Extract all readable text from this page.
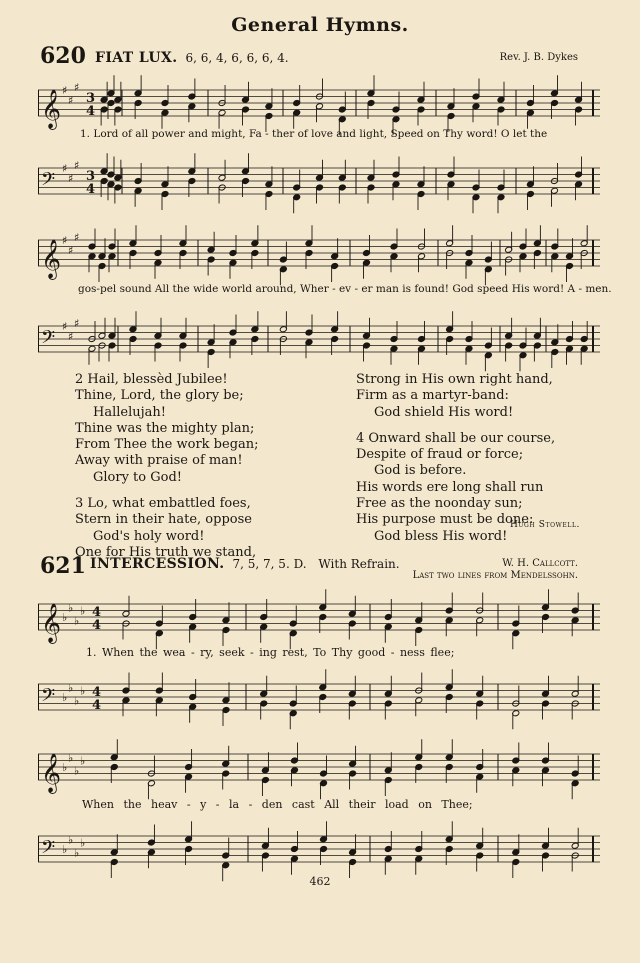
General Hymns.
620 FIAT LUX. 6, 6, 4, 6, 6, 6, 4.	Rev. J. B. Dykes
𝄞 ♯
♯
♯
3
4
1. Lord of all power and might, Fa - ther of love and light, Speed on Thy word! O let the
𝄢
♯
♯
♯
3
4
𝄞 ♯
♯
♯
gos-pel sound All the wide world around, Wher - ev - er man is found! God speed His word! A - men.
𝄢
♯
♯
♯
2 Hail, blessèd Jubilee!
Thine, Lord, the glory be;
Hallelujah!
Thine was the mighty plan;
From Thee the work began;
Away with praise of man!
Glory to God!
3 Lo, what embattled foes,
Stern in their hate, oppose
God's holy word!
One for His truth we stand,
Strong in His own right hand,
Firm as a martyr-band:
God shield His word!
4 Onward shall be our course,
Despite of fraud or force;
God is before.
His words ere long shall run
Free as the noonday sun;
His purpose must be done:
God bless His word!
Hugh Stowell.
621 INTERCESSION. 7, 5, 7, 5. D. With Refrain.	W. H. Callcott.
Last two lines from Mendelssohn.
𝄞 ♭
♭
♭
♭ 4
4
1. When the wea - ry, seek - ing rest, To Thy good - ness flee;
𝄢 ♭
♭
♭
♭ 4
4
𝄞 ♭
♭
♭
♭
When the heav - y - la - den cast All their load on Thee;
𝄢 ♭
♭
♭
♭
462
